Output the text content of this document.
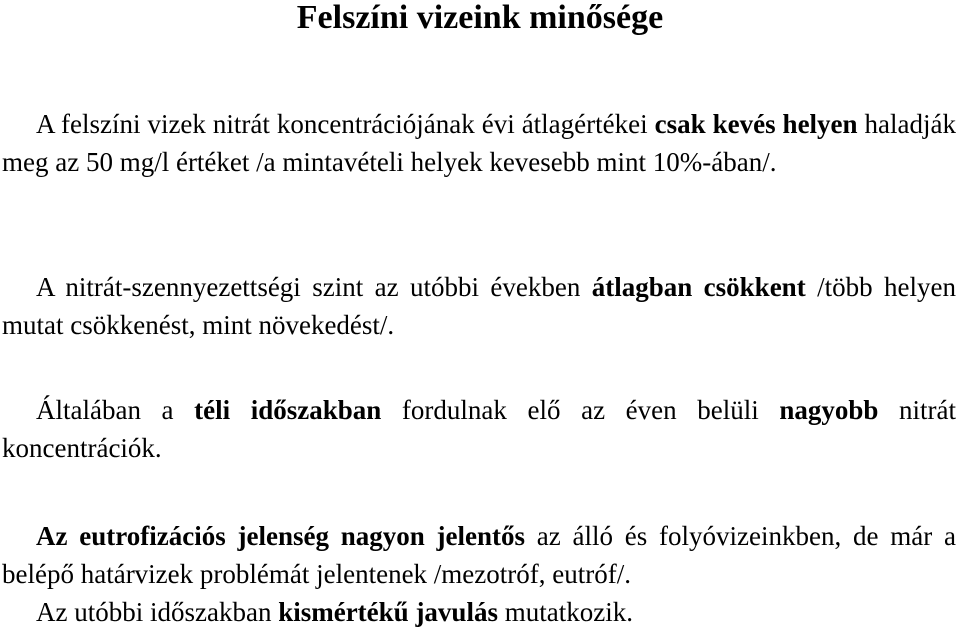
Felszíni vizeink minősége

A felszíni vizek nitrát koncentrációjának évi átlagértékei csak kevés helyen haladják meg az 50 mg/l értéket /a mintavételi helyek kevesebb mint 10%-ában/.

A nitrát-szennyezettségi szint az utóbbi években átlagban csökkent /több helyen mutat csökkenést, mint növekedést/.

Általában a téli időszakban fordulnak elő az éven belüli nagyobb nitrát koncentrációk.

Az eutrofizációs jelenség nagyon jelentős az álló és folyóvizeinkben, de már a belépő határvizek problémát jelentenek /mezotróf, eutróf/.
Az utóbbi időszakban kismértékű javulás mutatkozik.
